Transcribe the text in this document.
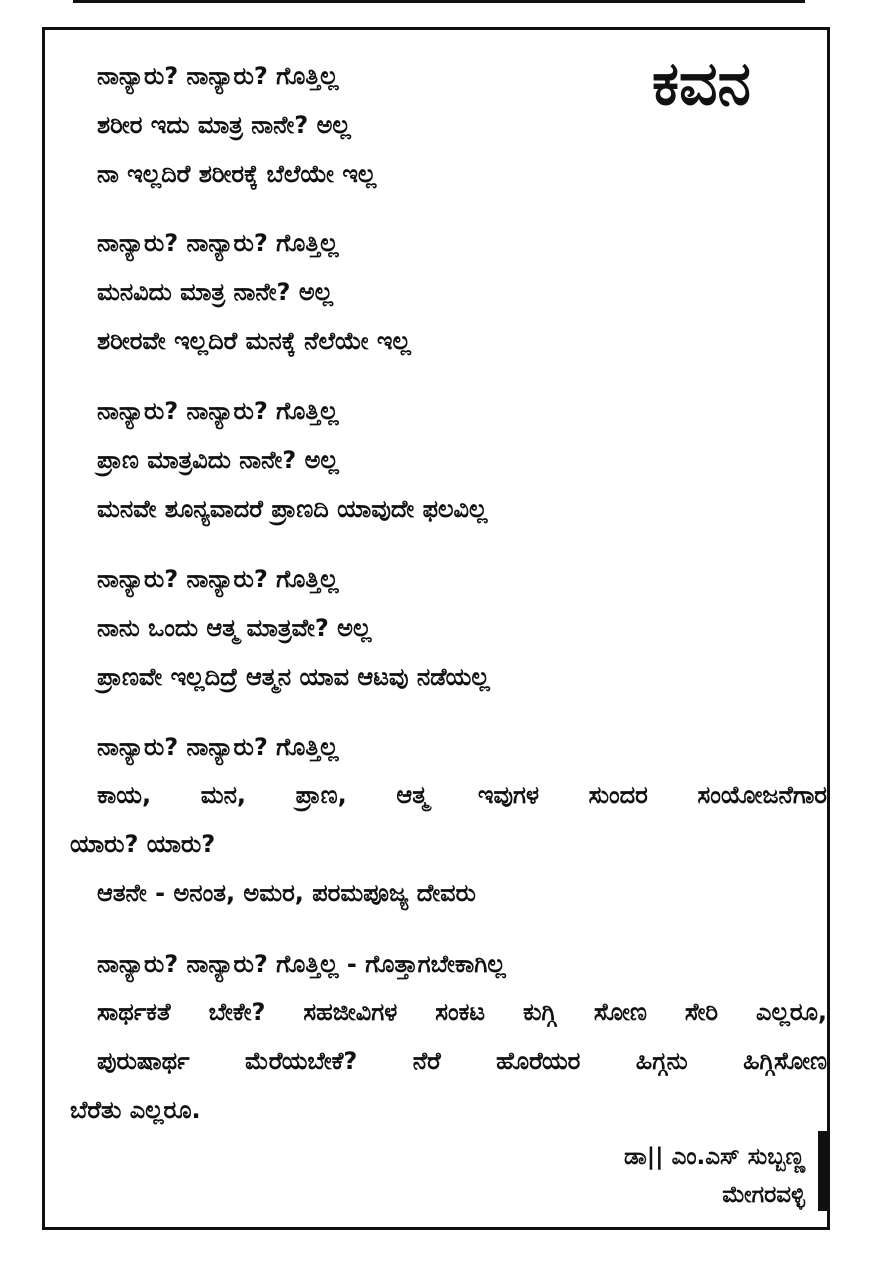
ಕವನ
ನಾನ್ಯಾರು? ನಾನ್ಯಾರು? ಗೊತ್ತಿಲ್ಲ
ಶರೀರ ಇದು ಮಾತ್ರ ನಾನೇ? ಅಲ್ಲ
ನಾ ಇಲ್ಲದಿರೆ ಶರೀರಕ್ಕೆ ಬೆಲೆಯೇ ಇಲ್ಲ
ನಾನ್ಯಾರು? ನಾನ್ಯಾರು? ಗೊತ್ತಿಲ್ಲ
ಮನವಿದು ಮಾತ್ರ ನಾನೇ? ಅಲ್ಲ
ಶರೀರವೇ ಇಲ್ಲದಿರೆ ಮನಕ್ಕೆ ನೆಲೆಯೇ ಇಲ್ಲ
ನಾನ್ಯಾರು? ನಾನ್ಯಾರು? ಗೊತ್ತಿಲ್ಲ
ಪ್ರಾಣ ಮಾತ್ರವಿದು ನಾನೇ? ಅಲ್ಲ
ಮನವೇ ಶೂನ್ಯವಾದರೆ ಪ್ರಾಣದಿ ಯಾವುದೇ ಫಲವಿಲ್ಲ
ನಾನ್ಯಾರು? ನಾನ್ಯಾರು? ಗೊತ್ತಿಲ್ಲ
ನಾನು ಒಂದು ಆತ್ಮ ಮಾತ್ರವೇ? ಅಲ್ಲ
ಪ್ರಾಣವೇ ಇಲ್ಲದಿದ್ರೆ ಆತ್ಮನ ಯಾವ ಆಟವು ನಡೆಯಲ್ಲ
ನಾನ್ಯಾರು? ನಾನ್ಯಾರು? ಗೊತ್ತಿಲ್ಲ
ಕಾಯ, ಮನ, ಪ್ರಾಣ, ಆತ್ಮ ಇವುಗಳ ಸುಂದರ ಸಂಯೋಜನೆಗಾರ
ಯಾರು? ಯಾರು?
ಆತನೇ - ಅನಂತ, ಅಮರ, ಪರಮಪೂಜ್ಯ ದೇವರು
ನಾನ್ಯಾರು? ನಾನ್ಯಾರು? ಗೊತ್ತಿಲ್ಲ - ಗೊತ್ತಾಗಬೇಕಾಗಿಲ್ಲ
ಸಾರ್ಥಕತೆ ಬೇಕೇ? ಸಹಜೀವಿಗಳ ಸಂಕಟ ಕುಗ್ಗಿ ಸೋಣ ಸೇರಿ ಎಲ್ಲರೂ,
ಪುರುಷಾರ್ಥ ಮೆರೆಯಬೇಕೆ? ನೆರೆ ಹೊರೆಯರ ಹಿಗ್ಗನು ಹಿಗ್ಗಿಸೋಣ
ಬೆರೆತು ಎಲ್ಲರೂ.
ಡಾ|| ಎಂ.ಎಸ್ ಸುಬ್ಬಣ್ಣ
ಮೇಗರವಳ್ಳಿ
